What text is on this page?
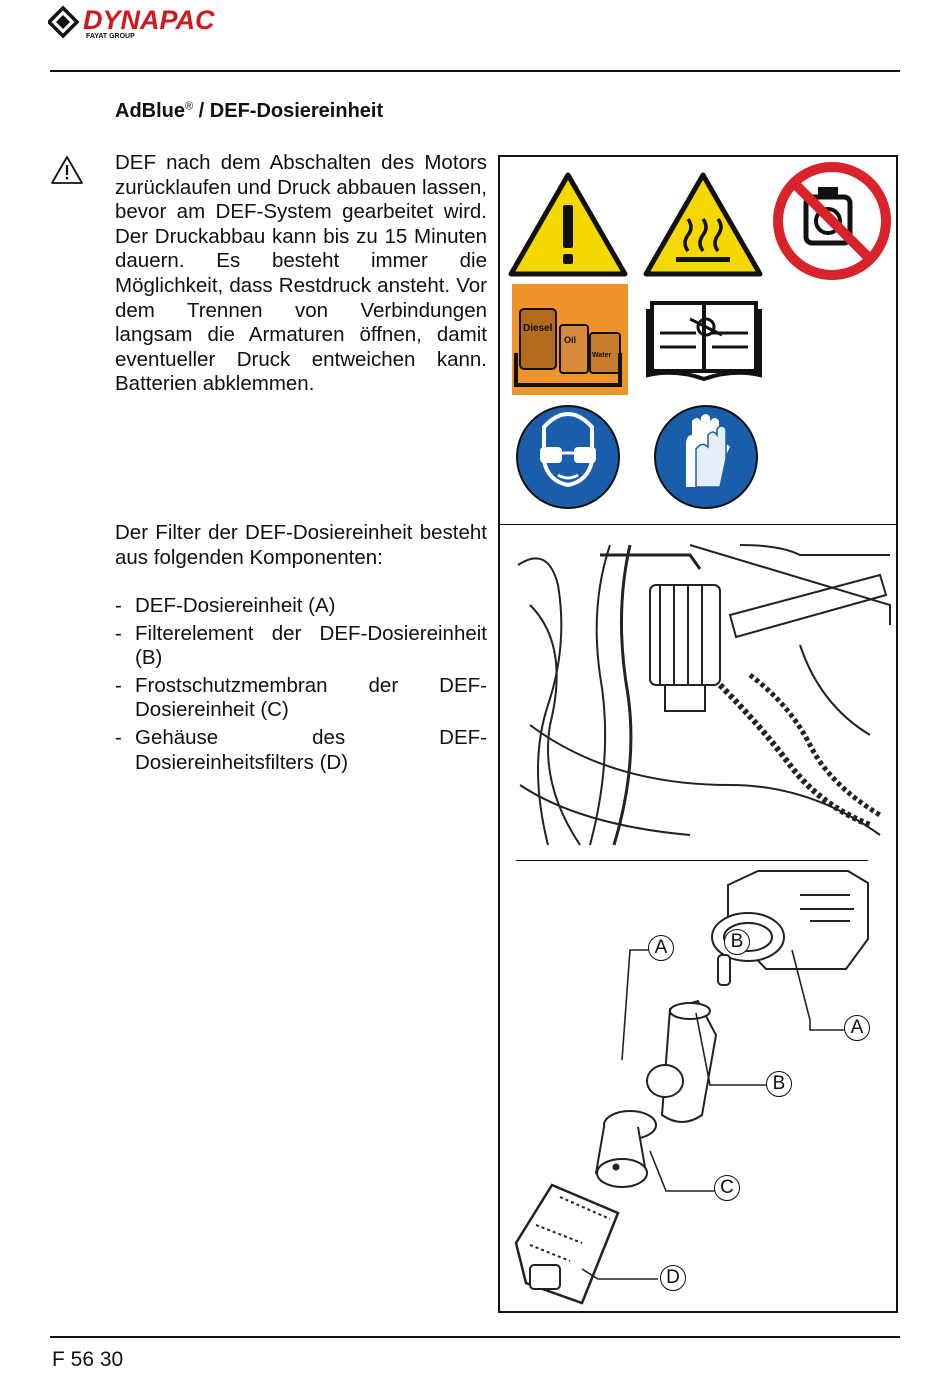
DYNAPAC
FAYAT GROUP
AdBlue® / DEF-Dosiereinheit
DEF nach dem Abschalten des Motors zurücklaufen und Druck abbauen lassen, bevor am DEF-System gearbeitet wird. Der Druckabbau kann bis zu 15 Minuten dauern. Es besteht immer die Möglichkeit, dass Restdruck ansteht. Vor dem Trennen von Verbindungen langsam die Armaturen öffnen, damit eventueller Druck entweichen kann. Batterien abklemmen.
Diesel
Oil
Water
Der Filter der DEF-Dosiereinheit besteht aus folgenden Komponenten:
- DEF-Dosiereinheit (A)
- Filterelement der DEF-Dosiereinheit (B)
- Frostschutzmembran der DEF-Dosiereinheit (C)
- Gehäuse des DEF-Dosiereinheitsfilters (D)
A	B
A
B
C
D
F 56 30
